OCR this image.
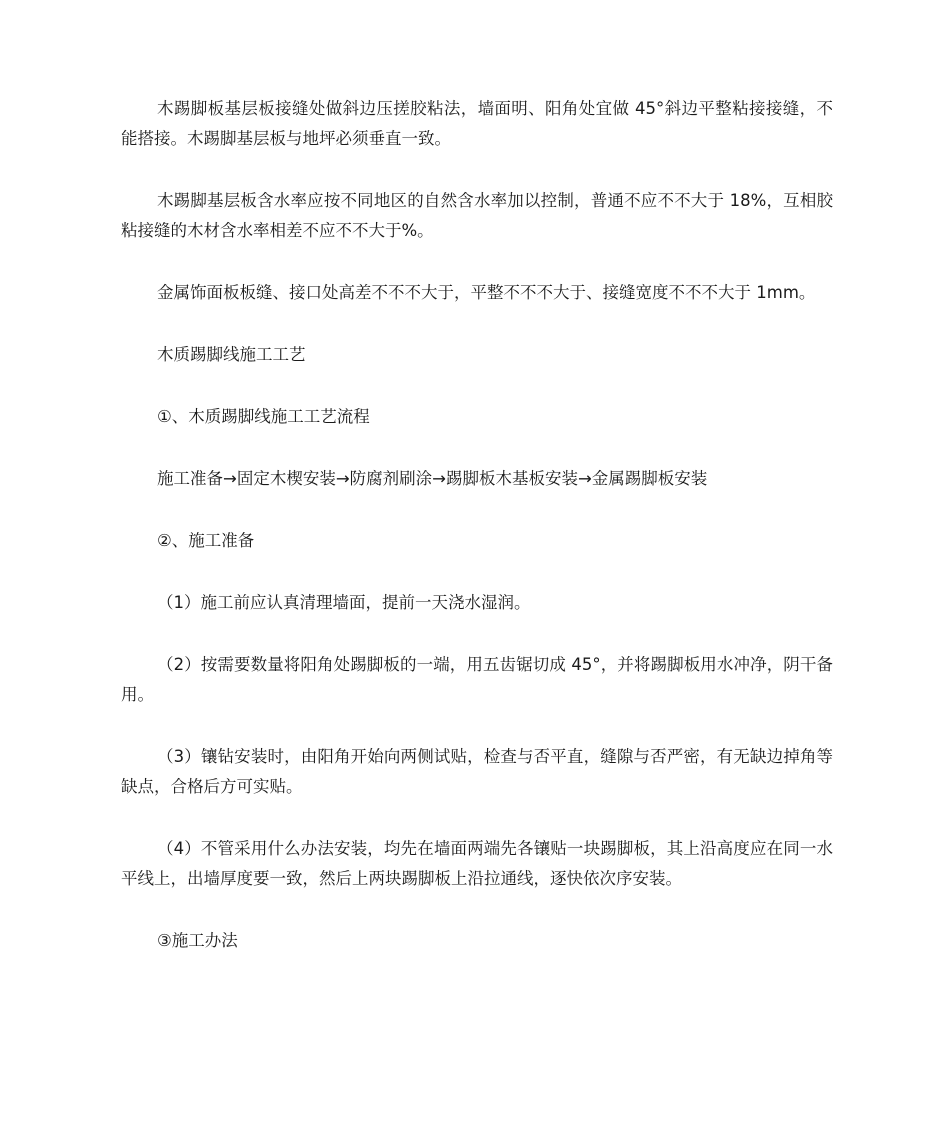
木踢脚板基层板接缝处做斜边压搓胶粘法，墙面明、阳角处宜做 45°斜边平整粘接接缝，不能搭接。木踢脚基层板与地坪必须垂直一致。

木踢脚基层板含水率应按不同地区的自然含水率加以控制，普通不应不不大于 18%，互相胶粘接缝的木材含水率相差不应不不大于%。

金属饰面板板缝、接口处高差不不不大于，平整不不不大于、接缝宽度不不不大于 1mm。

木质踢脚线施工工艺

①、木质踢脚线施工工艺流程

施工准备→固定木楔安装→防腐剂刷涂→踢脚板木基板安装→金属踢脚板安装

②、施工准备

（1）施工前应认真清理墙面，提前一天浇水湿润。

（2）按需要数量将阳角处踢脚板的一端，用五齿锯切成 45°，并将踢脚板用水冲净，阴干备用。

（3）镶钻安装时，由阳角开始向两侧试贴，检查与否平直，缝隙与否严密，有无缺边掉角等缺点，合格后方可实贴。

（4）不管采用什么办法安装，均先在墙面两端先各镶贴一块踢脚板，其上沿高度应在同一水平线上，出墙厚度要一致，然后上两块踢脚板上沿拉通线，逐快依次序安装。

③施工办法
